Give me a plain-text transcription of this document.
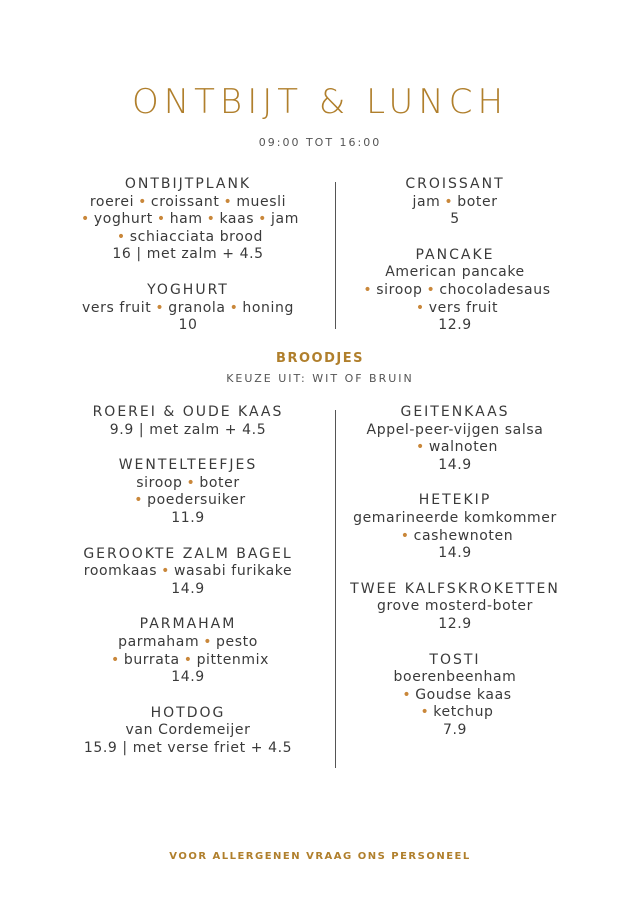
ONTBIJT & LUNCH
09:00 TOT 16:00
ONTBIJTPLANK
roerei • croissant • muesli
• yoghurt • ham • kaas • jam
• schiacciata brood
16 | met zalm + 4.5
YOGHURT
vers fruit • granola • honing
10
CROISSANT
jam • boter
5
PANCAKE
American pancake
• siroop • chocoladesaus
• vers fruit
12.9
BROODJES
KEUZE UIT: WIT OF BRUIN
ROEREI & OUDE KAAS
9.9 | met zalm + 4.5
WENTELTEEFJES
siroop • boter
• poedersuiker
11.9
GEROOKTE ZALM BAGEL
roomkaas • wasabi furikake
14.9
PARMAHAM
parmaham • pesto
• burrata • pittenmix
14.9
HOTDOG
van Cordemeijer
15.9 | met verse friet + 4.5
GEITENKAAS
Appel-peer-vijgen salsa
• walnoten
14.9
HETEKIP
gemarineerde komkommer
• cashewnoten
14.9
TWEE KALFSKROKETTEN
grove mosterd-boter
12.9
TOSTI
boerenbeenham
• Goudse kaas
• ketchup
7.9
VOOR ALLERGENEN VRAAG ONS PERSONEEL
